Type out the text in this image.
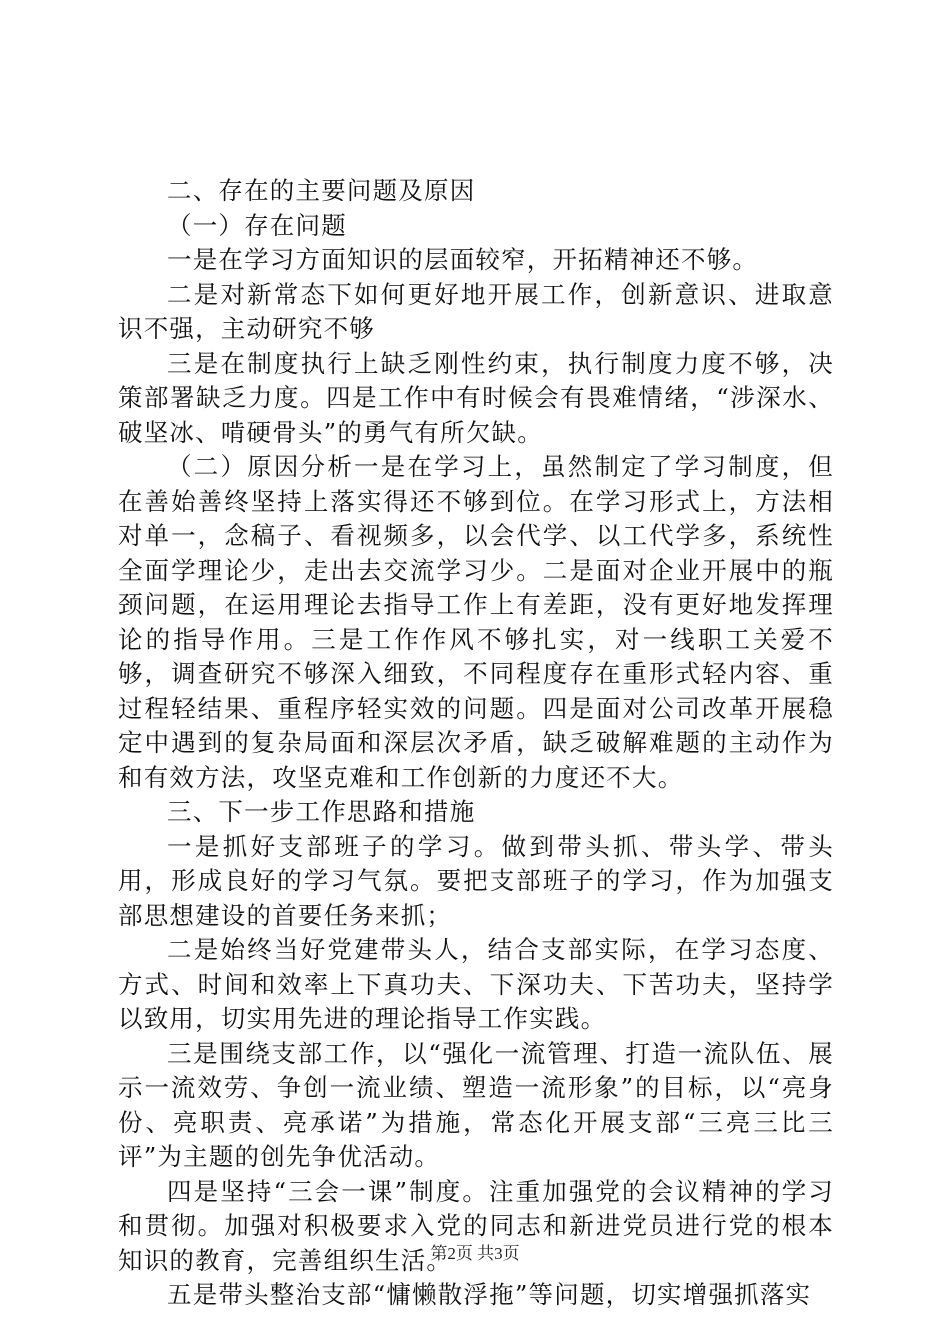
二、存在的主要问题及原因

（一）存在问题

一是在学习方面知识的层面较窄，开拓精神还不够。

二是对新常态下如何更好地开展工作，创新意识、进取意识不强，主动研究不够

三是在制度执行上缺乏刚性约束，执行制度力度不够，决策部署缺乏力度。四是工作中有时候会有畏难情绪，“涉深水、破坚冰、啃硬骨头”的勇气有所欠缺。

（二）原因分析一是在学习上，虽然制定了学习制度，但在善始善终坚持上落实得还不够到位。在学习形式上，方法相对单一，念稿子、看视频多，以会代学、以工代学多，系统性全面学理论少，走出去交流学习少。二是面对企业开展中的瓶颈问题，在运用理论去指导工作上有差距，没有更好地发挥理论的指导作用。三是工作作风不够扎实，对一线职工关爱不够，调查研究不够深入细致，不同程度存在重形式轻内容、重过程轻结果、重程序轻实效的问题。四是面对公司改革开展稳定中遇到的复杂局面和深层次矛盾，缺乏破解难题的主动作为和有效方法，攻坚克难和工作创新的力度还不大。

三、下一步工作思路和措施

一是抓好支部班子的学习。做到带头抓、带头学、带头用，形成良好的学习气氛。要把支部班子的学习，作为加强支部思想建设的首要任务来抓；

二是始终当好党建带头人，结合支部实际，在学习态度、方式、时间和效率上下真功夫、下深功夫、下苦功夫，坚持学以致用，切实用先进的理论指导工作实践。

三是围绕支部工作，以“强化一流管理、打造一流队伍、展示一流效劳、争创一流业绩、塑造一流形象”的目标，以“亮身份、亮职责、亮承诺”为措施，常态化开展支部“三亮三比三评”为主题的创先争优活动。

四是坚持“三会一课”制度。注重加强党的会议精神的学习和贯彻。加强对积极要求入党的同志和新进党员进行党的根本知识的教育，完善组织生活。

五是带头整治支部“慵懒散浮拖”等问题，切实增强抓落实

第2页 共3页
